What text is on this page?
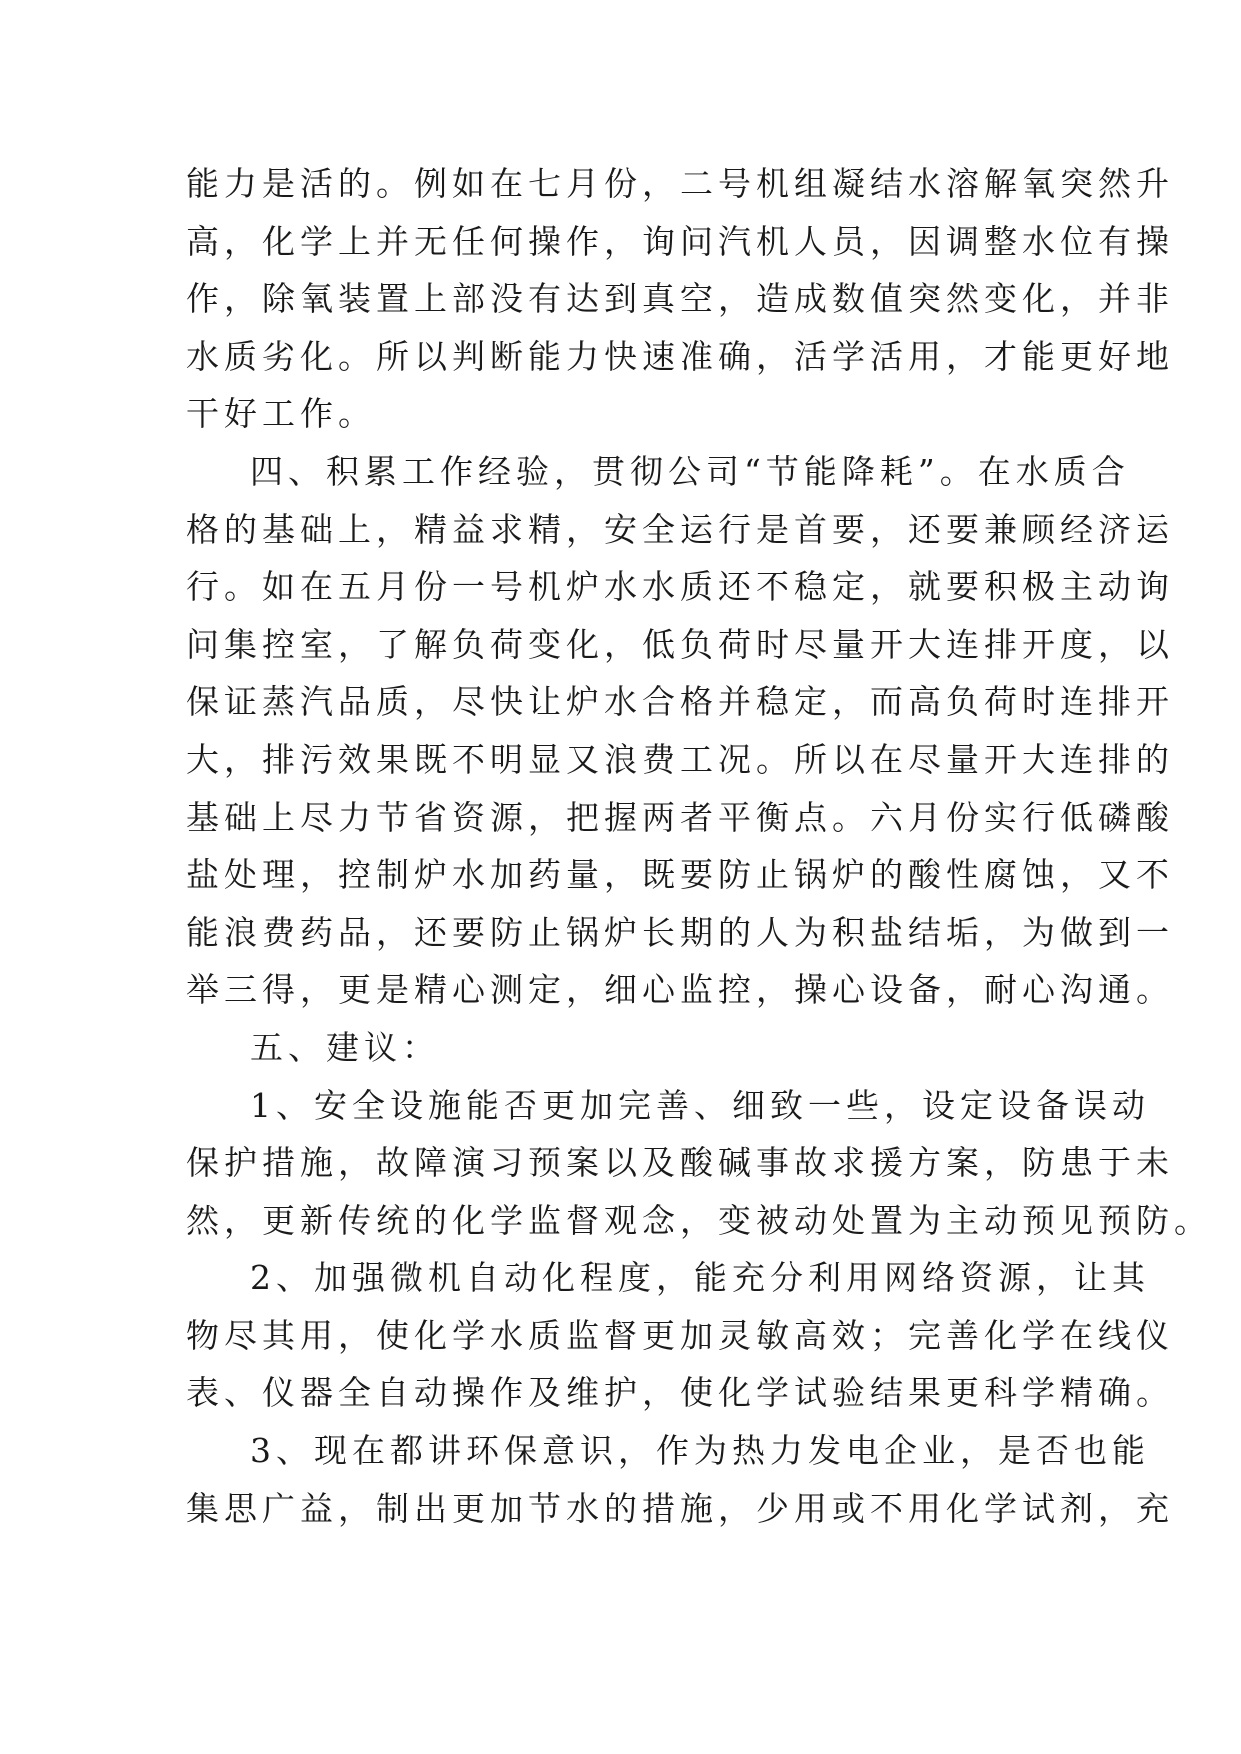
能力是活的。例如在七月份，二号机组凝结水溶解氧突然升
高，化学上并无任何操作，询问汽机人员，因调整水位有操
作，除氧装置上部没有达到真空，造成数值突然变化，并非
水质劣化。所以判断能力快速准确，活学活用，才能更好地
干好工作。
四、积累工作经验，贯彻公司“节能降耗”。在水质合
格的基础上，精益求精，安全运行是首要，还要兼顾经济运
行。如在五月份一号机炉水水质还不稳定，就要积极主动询
问集控室，了解负荷变化，低负荷时尽量开大连排开度，以
保证蒸汽品质，尽快让炉水合格并稳定，而高负荷时连排开
大，排污效果既不明显又浪费工况。所以在尽量开大连排的
基础上尽力节省资源，把握两者平衡点。六月份实行低磷酸
盐处理，控制炉水加药量，既要防止锅炉的酸性腐蚀，又不
能浪费药品，还要防止锅炉长期的人为积盐结垢，为做到一
举三得，更是精心测定，细心监控，操心设备，耐心沟通。
五、建议：
1、安全设施能否更加完善、细致一些，设定设备误动
保护措施，故障演习预案以及酸碱事故求援方案，防患于未
然，更新传统的化学监督观念，变被动处置为主动预见预防。
2、加强微机自动化程度，能充分利用网络资源，让其
物尽其用，使化学水质监督更加灵敏高效；完善化学在线仪
表、仪器全自动操作及维护，使化学试验结果更科学精确。
3、现在都讲环保意识，作为热力发电企业，是否也能
集思广益，制出更加节水的措施，少用或不用化学试剂，充
